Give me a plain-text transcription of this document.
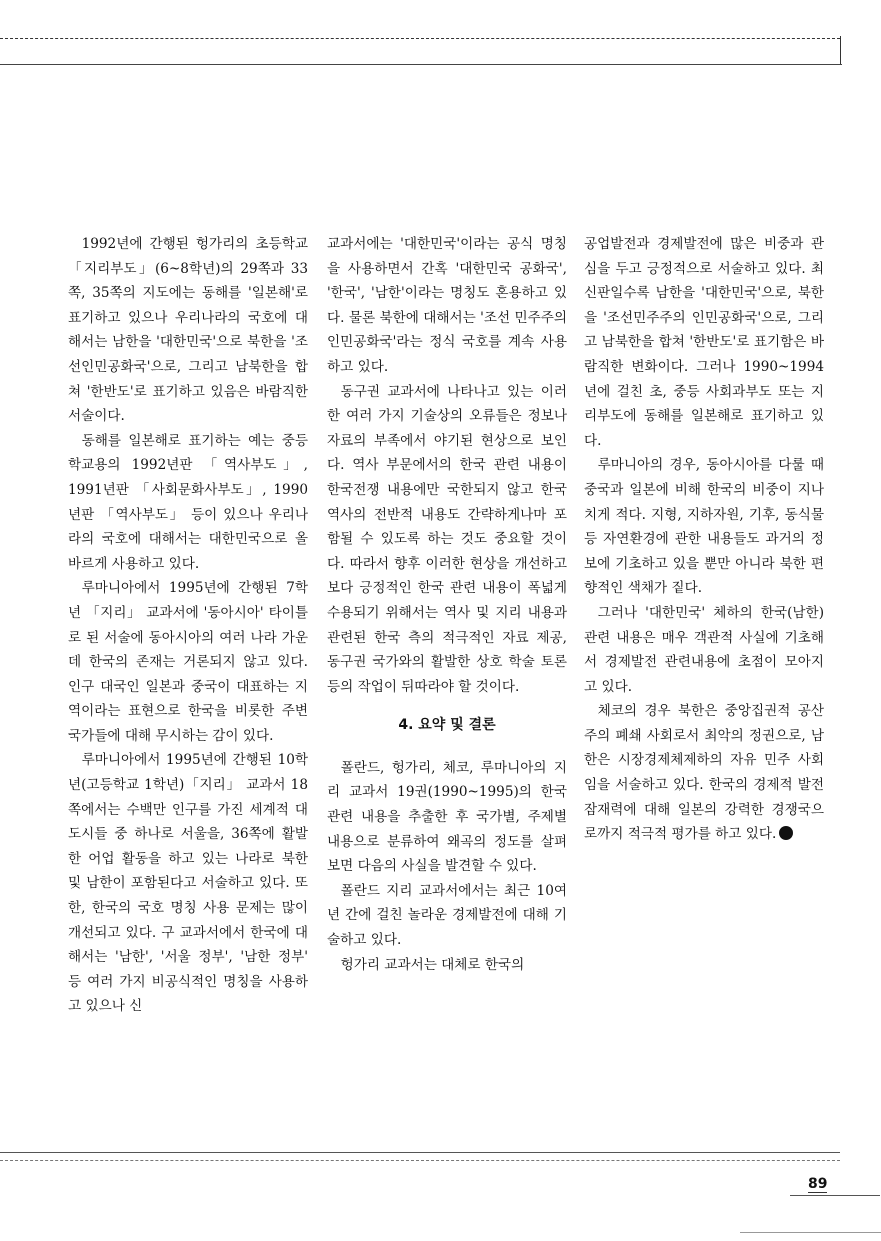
1992년에 간행된 헝가리의 초등학교 「지리부도」(6~8학년)의 29쪽과 33쪽, 35쪽의 지도에는 동해를 '일본해'로 표기하고 있으나 우리나라의 국호에 대해서는 남한을 '대한민국'으로 북한을 '조선인민공화국'으로, 그리고 남북한을 합쳐 '한반도'로 표기하고 있음은 바람직한 서술이다.

동해를 일본해로 표기하는 예는 중등학교용의 1992년판 「역사부도」, 1991년판 「사회문화사부도」, 1990년판 「역사부도」 등이 있으나 우리나라의 국호에 대해서는 대한민국으로 올바르게 사용하고 있다.

루마니아에서 1995년에 간행된 7학년 「지리」 교과서에 '동아시아' 타이틀로 된 서술에 동아시아의 여러 나라 가운데 한국의 존재는 거론되지 않고 있다. 인구 대국인 일본과 중국이 대표하는 지역이라는 표현으로 한국을 비롯한 주변 국가들에 대해 무시하는 감이 있다.

루마니아에서 1995년에 간행된 10학년(고등학교 1학년)「지리」 교과서 18쪽에서는 수백만 인구를 가진 세계적 대도시들 중 하나로 서울을, 36쪽에 활발한 어업 활동을 하고 있는 나라로 북한 및 남한이 포함된다고 서술하고 있다. 또한, 한국의 국호 명칭 사용 문제는 많이 개선되고 있다. 구 교과서에서 한국에 대해서는 '남한', '서울 정부', '남한 정부' 등 여러 가지 비공식적인 명칭을 사용하고 있으나 신

교과서에는 '대한민국'이라는 공식 명칭을 사용하면서 간혹 '대한민국 공화국', '한국', '남한'이라는 명칭도 혼용하고 있다. 물론 북한에 대해서는 '조선 민주주의 인민공화국'라는 정식 국호를 계속 사용하고 있다.

동구권 교과서에 나타나고 있는 이러한 여러 가지 기술상의 오류들은 정보나 자료의 부족에서 야기된 현상으로 보인다. 역사 부문에서의 한국 관련 내용이 한국전쟁 내용에만 국한되지 않고 한국 역사의 전반적 내용도 간략하게나마 포함될 수 있도록 하는 것도 중요할 것이다. 따라서 향후 이러한 현상을 개선하고 보다 긍정적인 한국 관련 내용이 폭넓게 수용되기 위해서는 역사 및 지리 내용과 관련된 한국 측의 적극적인 자료 제공, 동구권 국가와의 활발한 상호 학술 토론 등의 작업이 뒤따라야 할 것이다.

4. 요약 및 결론

폴란드, 헝가리, 체코, 루마니아의 지리 교과서 19권(1990~1995)의 한국 관련 내용을 추출한 후 국가별, 주제별 내용으로 분류하여 왜곡의 정도를 살펴보면 다음의 사실을 발견할 수 있다.

폴란드 지리 교과서에서는 최근 10여년 간에 걸친 놀라운 경제발전에 대해 기술하고 있다.

헝가리 교과서는 대체로 한국의

공업발전과 경제발전에 많은 비중과 관심을 두고 긍정적으로 서술하고 있다. 최신판일수록 남한을 '대한민국'으로, 북한을 '조선민주주의 인민공화국'으로, 그리고 남북한을 합쳐 '한반도'로 표기함은 바람직한 변화이다. 그러나 1990~1994년에 걸친 초, 중등 사회과부도 또는 지리부도에 동해를 일본해로 표기하고 있다.

루마니아의 경우, 동아시아를 다룰 때 중국과 일본에 비해 한국의 비중이 지나치게 적다. 지형, 지하자원, 기후, 동식물 등 자연환경에 관한 내용들도 과거의 정보에 기초하고 있을 뿐만 아니라 북한 편향적인 색채가 짙다.

그러나 '대한민국' 체하의 한국(남한) 관련 내용은 매우 객관적 사실에 기초해서 경제발전 관련내용에 초점이 모아지고 있다.

체코의 경우 북한은 중앙집권적 공산주의 폐쇄 사회로서 최악의 정권으로, 남한은 시장경제체제하의 자유 민주 사회임을 서술하고 있다. 한국의 경제적 발전 잠재력에 대해 일본의 강력한 경쟁국으로까지 적극적 평가를 하고 있다.

89
